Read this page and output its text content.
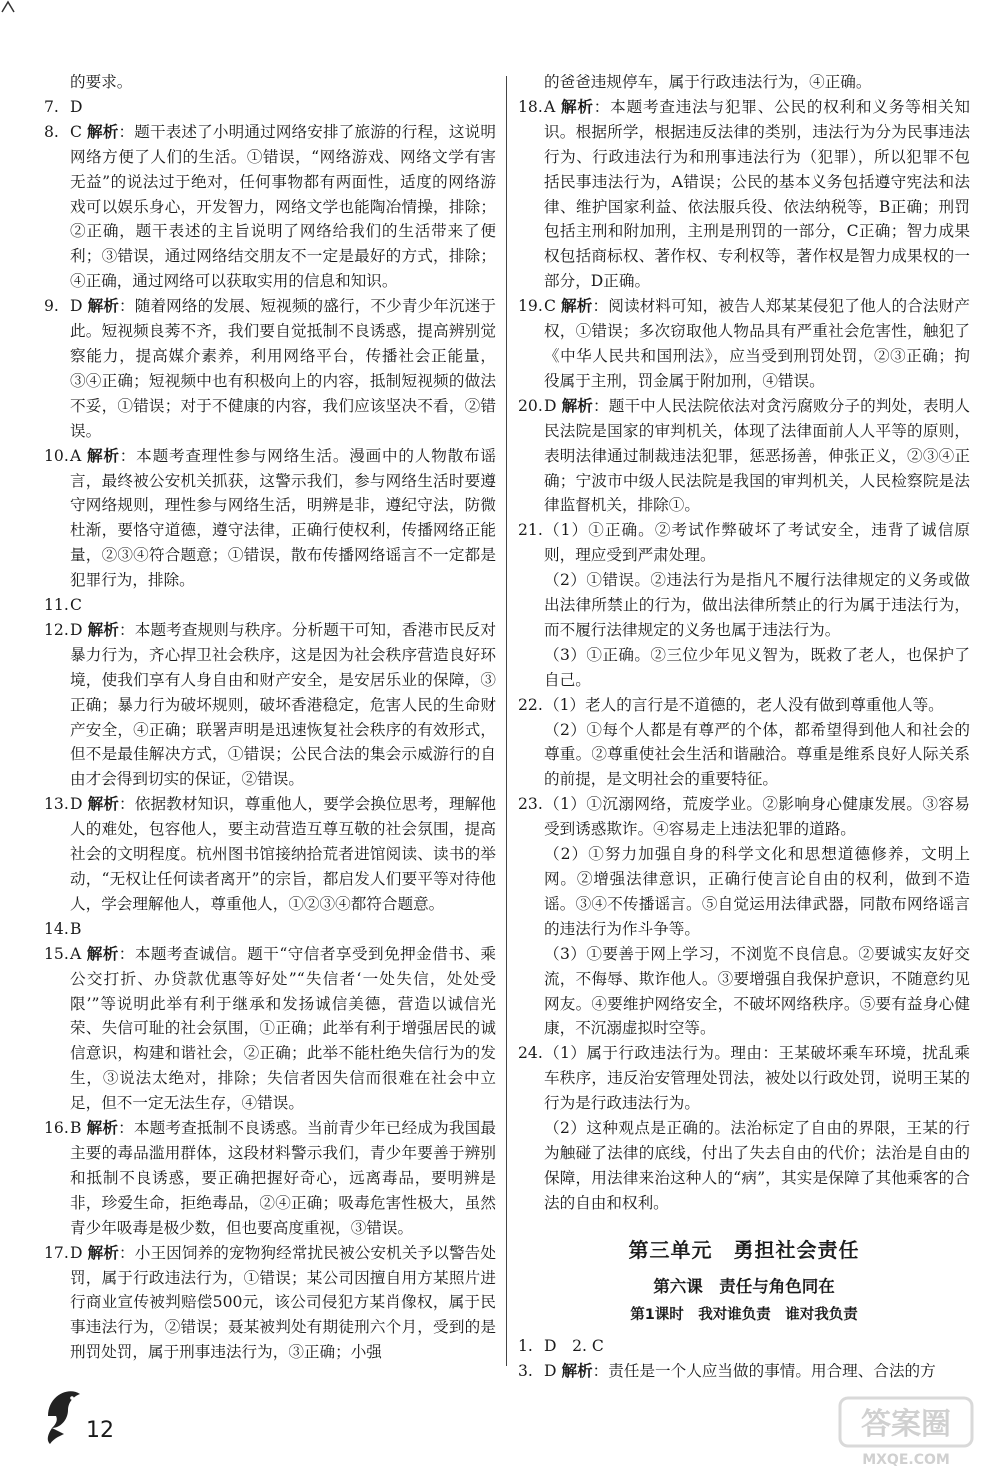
的要求。
7. D
8. C 解析：题干表述了小明通过网络安排了旅游的行程，这说明网络方便了人们的生活。①错误，“网络游戏、网络文学有害无益”的说法过于绝对，任何事物都有两面性，适度的网络游戏可以娱乐身心，开发智力，网络文学也能陶冶情操，排除；②正确，题干表述的主旨说明了网络给我们的生活带来了便利；③错误，通过网络结交朋友不一定是最好的方式，排除；④正确，通过网络可以获取实用的信息和知识。
9. D 解析：随着网络的发展、短视频的盛行，不少青少年沉迷于此。短视频良莠不齐，我们要自觉抵制不良诱惑，提高辨别觉察能力，提高媒介素养，利用网络平台，传播社会正能量，③④正确；短视频中也有积极向上的内容，抵制短视频的做法不妥，①错误；对于不健康的内容，我们应该坚决不看，②错误。
10. A 解析：本题考查理性参与网络生活。漫画中的人物散布谣言，最终被公安机关抓获，这警示我们，参与网络生活时要遵守网络规则，理性参与网络生活，明辨是非，遵纪守法，防微杜渐，要恪守道德，遵守法律，正确行使权利，传播网络正能量，②③④符合题意；①错误，散布传播网络谣言不一定都是犯罪行为，排除。
11. C
12. D 解析：本题考查规则与秩序。分析题干可知，香港市民反对暴力行为，齐心捍卫社会秩序，这是因为社会秩序营造良好环境，使我们享有人身自由和财产安全，是安居乐业的保障，③正确；暴力行为破坏规则，破坏香港稳定，危害人民的生命财产安全，④正确；联署声明是迅速恢复社会秩序的有效形式，但不是最佳解决方式，①错误；公民合法的集会示威游行的自由才会得到切实的保证，②错误。
13. D 解析：依据教材知识，尊重他人，要学会换位思考，理解他人的难处，包容他人，要主动营造互尊互敬的社会氛围，提高社会的文明程度。杭州图书馆接纳拾荒者进馆阅读、读书的举动，“无权让任何读者离开”的宗旨，都启发人们要平等对待他人，学会理解他人，尊重他人，①②③④都符合题意。
14. B
15. A 解析：本题考查诚信。题干“守信者享受到免押金借书、乘公交打折、办贷款优惠等好处”“失信者‘一处失信，处处受限’”等说明此举有利于继承和发扬诚信美德，营造以诚信光荣、失信可耻的社会氛围，①正确；此举有利于增强居民的诚信意识，构建和谐社会，②正确；此举不能杜绝失信行为的发生，③说法太绝对，排除；失信者因失信而很难在社会中立足，但不一定无法生存，④错误。
16. B 解析：本题考查抵制不良诱惑。当前青少年已经成为我国最主要的毒品滥用群体，这段材料警示我们，青少年要善于辨别和抵制不良诱惑，要正确把握好奇心，远离毒品，要明辨是非，珍爱生命，拒绝毒品，②④正确；吸毒危害性极大，虽然青少年吸毒是极少数，但也要高度重视，③错误。
17. D 解析：小王因饲养的宠物狗经常扰民被公安机关予以警告处罚，属于行政违法行为，①错误；某公司因擅自用方某照片进行商业宣传被判赔偿500元，该公司侵犯方某肖像权，属于民事违法行为，②错误；聂某被判处有期徒刑六个月，受到的是刑罚处罚，属于刑事违法行为，③正确；小强
的爸爸违规停车，属于行政违法行为，④正确。
18. A 解析：本题考查违法与犯罪、公民的权利和义务等相关知识。根据所学，根据违反法律的类别，违法行为分为民事违法行为、行政违法行为和刑事违法行为（犯罪），所以犯罪不包括民事违法行为，A错误；公民的基本义务包括遵守宪法和法律、维护国家利益、依法服兵役、依法纳税等，B正确；刑罚包括主刑和附加刑，主刑是刑罚的一部分，C正确；智力成果权包括商标权、著作权、专利权等，著作权是智力成果权的一部分，D正确。
19. C 解析：阅读材料可知，被告人郑某某侵犯了他人的合法财产权，①错误；多次窃取他人物品具有严重社会危害性，触犯了《中华人民共和国刑法》，应当受到刑罚处罚，②③正确；拘役属于主刑，罚金属于附加刑，④错误。
20. D 解析：题干中人民法院依法对贪污腐败分子的判处，表明人民法院是国家的审判机关，体现了法律面前人人平等的原则，表明法律通过制裁违法犯罪，惩恶扬善，伸张正义，②③④正确；宁波市中级人民法院是我国的审判机关，人民检察院是法律监督机关，排除①。
21. （1）①正确。②考试作弊破坏了考试安全，违背了诚信原则，理应受到严肃处理。
（2）①错误。②违法行为是指凡不履行法律规定的义务或做出法律所禁止的行为，做出法律所禁止的行为属于违法行为，而不履行法律规定的义务也属于违法行为。
（3）①正确。②三位少年见义智为，既救了老人，也保护了自己。
22. （1）老人的言行是不道德的，老人没有做到尊重他人等。
（2）①每个人都是有尊严的个体，都希望得到他人和社会的尊重。②尊重使社会生活和谐融洽。尊重是维系良好人际关系的前提，是文明社会的重要特征。
23. （1）①沉溺网络，荒废学业。②影响身心健康发展。③容易受到诱惑欺诈。④容易走上违法犯罪的道路。
（2）①努力加强自身的科学文化和思想道德修养，文明上网。②增强法律意识，正确行使言论自由的权利，做到不造谣。③④不传播谣言。⑤自觉运用法律武器，同散布网络谣言的违法行为作斗争等。
（3）①要善于网上学习，不浏览不良信息。②要诚实友好交流，不侮辱、欺诈他人。③要增强自我保护意识，不随意约见网友。④要维护网络安全，不破坏网络秩序。⑤要有益身心健康，不沉溺虚拟时空等。
24. （1）属于行政违法行为。理由：王某破坏乘车环境，扰乱乘车秩序，违反治安管理处罚法，被处以行政处罚，说明王某的行为是行政违法行为。
（2）这种观点是正确的。法治标定了自由的界限，王某的行为触碰了法律的底线，付出了失去自由的代价；法治是自由的保障，用法律来治这种人的“病”，其实是保障了其他乘客的合法的自由和权利。
第三单元　勇担社会责任
第六课　责任与角色同在
第1课时　我对谁负责　谁对我负责
1. D　2. C
3. D 解析：责任是一个人应当做的事情。用合理、合法的方
12	答案圈
MXQE.COM
